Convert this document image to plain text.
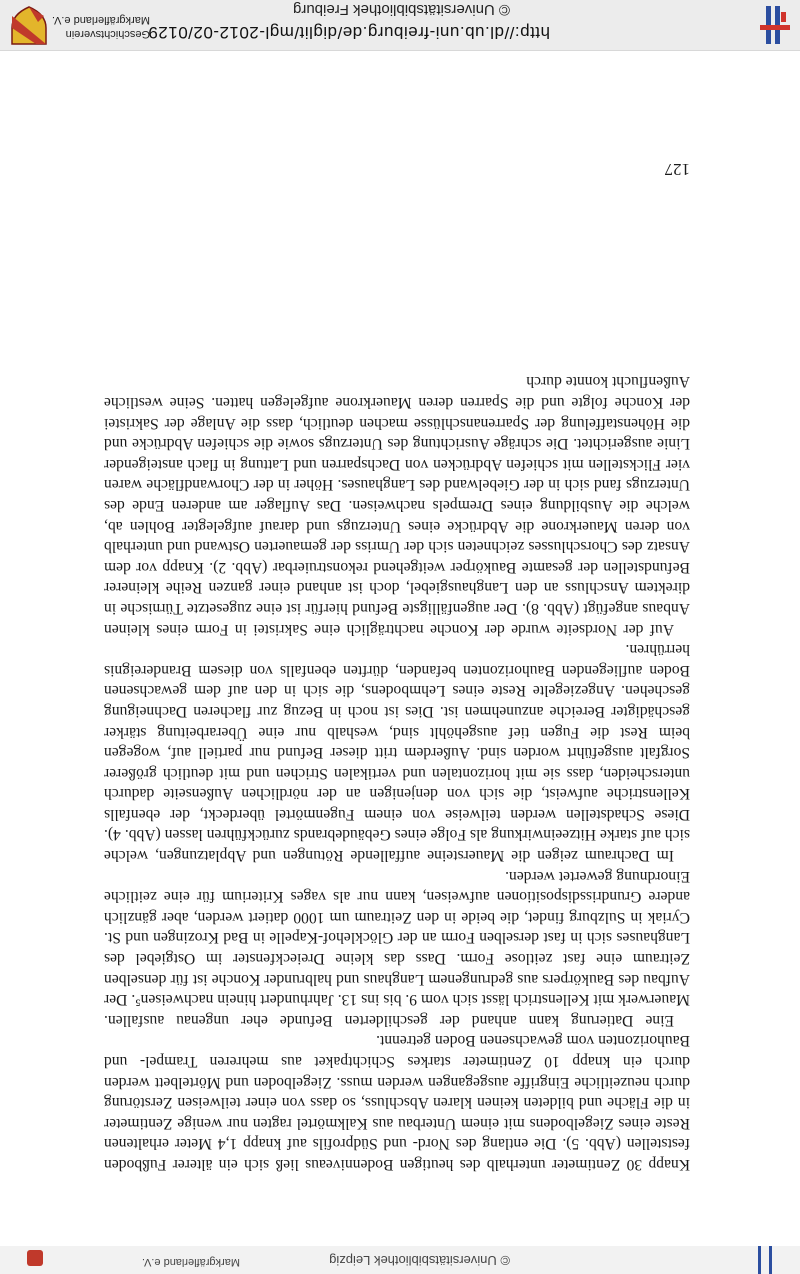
© Universitätsbibliothek Leipzig
Markgräflerland e.V.

Knapp 30 Zentimeter unterhalb des heutigen Bodenniveaus ließ sich ein älterer Fußboden feststellen (Abb. 5). Die entlang des Nord- und Südprofils auf knapp 1,4 Meter erhaltenen Reste eines Ziegelbodens mit einem Unterbau aus Kalkmörtel ragten nur wenige Zentimeter in die Fläche und bildeten keinen klaren Abschluss, so dass von einer teilweisen Zerstörung durch neuzeitliche Eingriffe ausgegangen werden muss. Ziegelboden und Mörtelbett werden durch ein knapp 10 Zentimeter starkes Schichtpaket aus mehreren Trampel- und Bauhorizonten vom gewachsenen Boden getrennt.

Eine Datierung kann anhand der geschilderten Befunde eher ungenau ausfallen. Mauerwerk mit Kellenstrich lässt sich vom 9. bis ins 13. Jahrhundert hinein nachweisen⁵. Der Aufbau des Baukörpers aus gedrungenem Langhaus und halbrunder Konche ist für denselben Zeitraum eine fast zeitlose Form. Dass das kleine Dreieckfenster im Ostgiebel des Langhauses sich in fast derselben Form an der Glöcklehof-Kapelle in Bad Krozingen und St. Cyriak in Sulzburg findet, die beide in den Zeitraum um 1000 datiert werden, aber gänzlich andere Grundrissdispositionen aufweisen, kann nur als vages Kriterium für eine zeitliche Einordnung gewertet werden.

Im Dachraum zeigen die Mauersteine auffallende Rötungen und Abplatzungen, welche sich auf starke Hitzeeinwirkung als Folge eines Gebäudebrands zurückführen lassen (Abb. 4). Diese Schadstellen werden teilweise von einem Fugenmörtel überdeckt, der ebenfalls Kellenstriche aufweist, die sich von denjenigen an der nördlichen Außenseite dadurch unterscheiden, dass sie mit horizontalen und vertikalen Strichen und mit deutlich größerer Sorgfalt ausgeführt worden sind. Außerdem tritt dieser Befund nur partiell auf, wogegen beim Rest die Fugen tief ausgehöhlt sind, weshalb nur eine Überarbeitung stärker geschädigter Bereiche anzunehmen ist. Dies ist noch in Bezug zur flacheren Dachneigung geschehen. Angeziegelte Reste eines Lehmbodens, die sich in den auf dem gewachsenen Boden aufliegenden Bauhorizonten befanden, dürften ebenfalls von diesem Brandereignis herrühren.

Auf der Nordseite wurde der Konche nachträglich eine Sakristei in Form eines kleinen Anbaus angefügt (Abb. 8). Der augenfälligste Befund hierfür ist eine zugesetzte Türnische in direktem Anschluss an den Langhausgiebel, doch ist anhand einer ganzen Reihe kleinerer Befundstellen der gesamte Baukörper weitgehend rekonstruierbar (Abb. 2). Knapp vor dem Ansatz des Chorschlusses zeichneten sich der Umriss der gemauerten Ostwand und unterhalb von deren Mauerkrone die Abdrücke eines Unterzugs und darauf aufgelegter Bohlen ab, welche die Ausbildung eines Drempels nachweisen. Das Auflager am anderen Ende des Unterzugs fand sich in der Giebelwand des Langhauses. Höher in der Chorwandfläche waren vier Flickstellen mit schiefen Abdrücken von Dachsparren und Lattung in flach ansteigender Linie ausgerichtet. Die schräge Ausrichtung des Unterzugs sowie die schiefen Abdrücke und die Höhenstaffelung der Sparrenanschlüsse machen deutlich, dass die Anlage der Sakristei der Konche folgte und die Sparren deren Mauerkrone aufgelegen hatten. Seine westliche Außenflucht konnte durch

127
http://dl.ub.uni-freiburg.de/diglit/mgl-2012-02/0129
© Universitätsbibliothek Freiburg
Geschichtsverein
Markgräflerland e.V.
